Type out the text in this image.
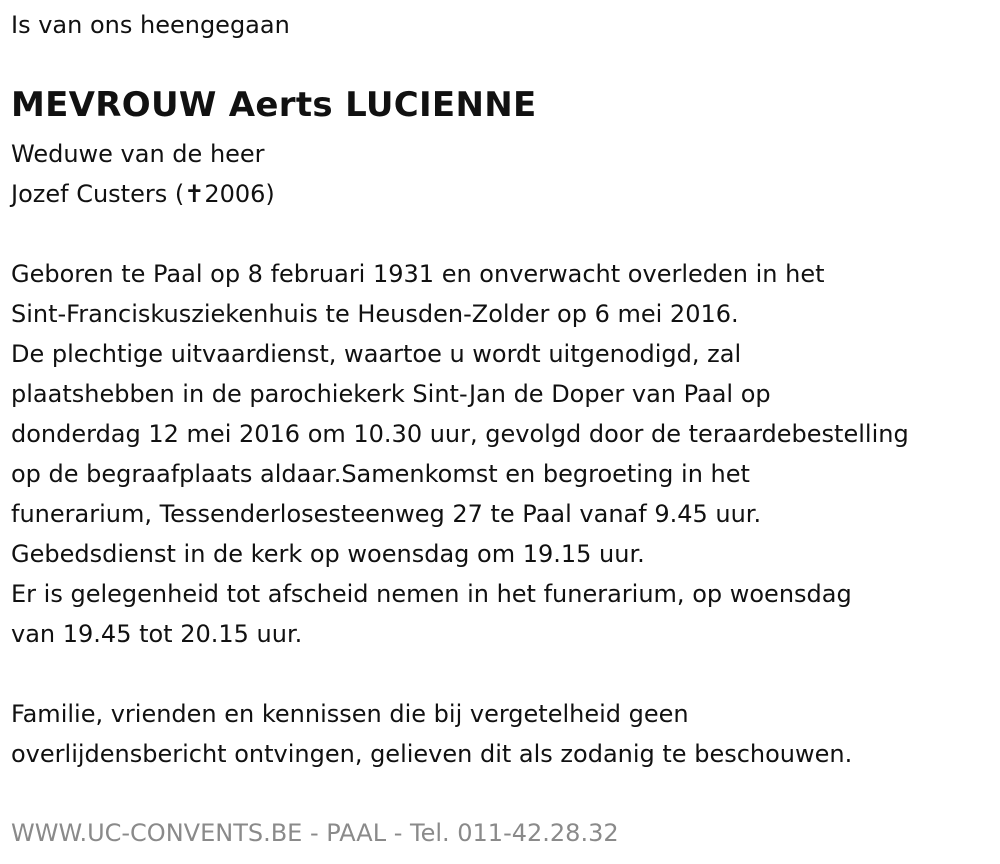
Is van ons heengegaan

MEVROUW Aerts LUCIENNE

Weduwe van de heer
Jozef Custers (✝2006)

Geboren te Paal op 8 februari 1931 en onverwacht overleden in het
Sint-Franciskusziekenhuis te Heusden-Zolder op 6 mei 2016.
De plechtige uitvaardienst, waartoe u wordt uitgenodigd, zal
plaatshebben in de parochiekerk Sint-Jan de Doper van Paal op
donderdag 12 mei 2016 om 10.30 uur, gevolgd door de teraardebestelling
op de begraafplaats aldaar.Samenkomst en begroeting in het
funerarium, Tessenderlosesteenweg 27 te Paal vanaf 9.45 uur.
Gebedsdienst in de kerk op woensdag om 19.15 uur.
Er is gelegenheid tot afscheid nemen in het funerarium, op woensdag
van 19.45 tot 20.15 uur.

Familie, vrienden en kennissen die bij vergetelheid geen
overlijdensbericht ontvingen, gelieven dit als zodanig te beschouwen.

WWW.UC-CONVENTS.BE - PAAL - Tel. 011-42.28.32
